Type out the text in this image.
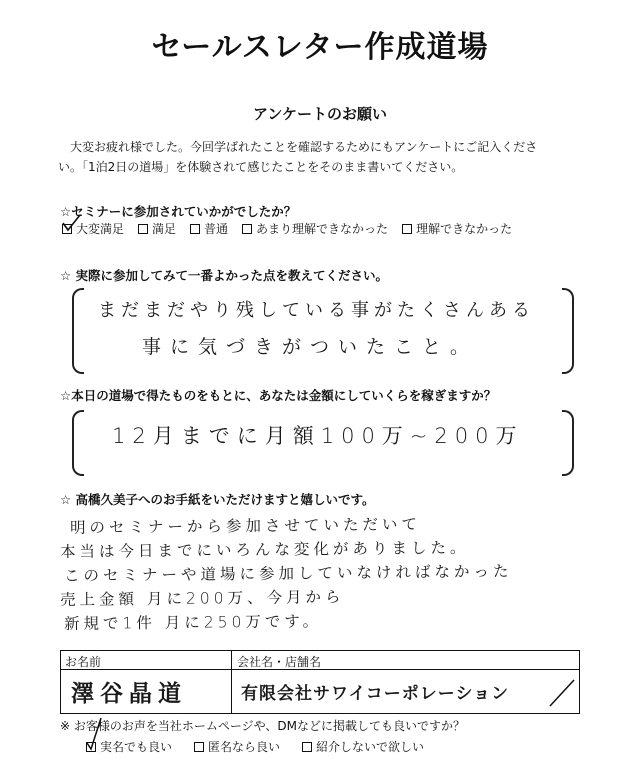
セールスレター作成道場
アンケートのお願い
大変お疲れ様でした。今回学ばれたことを確認するためにもアンケートにご記入くださ
い。「1泊2日の道場」を体験されて感じたことをそのまま書いてください。
☆セミナーに参加されていかがでしたか？
大変満足 満足 普通 あまり理解できなかった 理解できなかった
☆ 実際に参加してみて一番よかった点を教えてください。
まだまだやり残している事がたくさんある
事に気づきがついたこと。
☆本日の道場で得たものをもとに、あなたは金額にしていくらを稼ぎますか？
12月までに月額100万~200万
☆ 高橋久美子へのお手紙をいただけますと嬉しいです。
明のセミナーから参加させていただいて
本当は今日までにいろんな変化がありました。
このセミナーや道場に参加していなければなかった
売上金額 月に200万、今月から
新規で1件 月に250万です。
お名前	会社名・店舗名
澤谷晶道	有限会社サワイコーポレーション
※ お客様のお声を当社ホームページや、DMなどに掲載しても良いですか？
実名でも良い	匿名なら良い	紹介しないで欲しい
